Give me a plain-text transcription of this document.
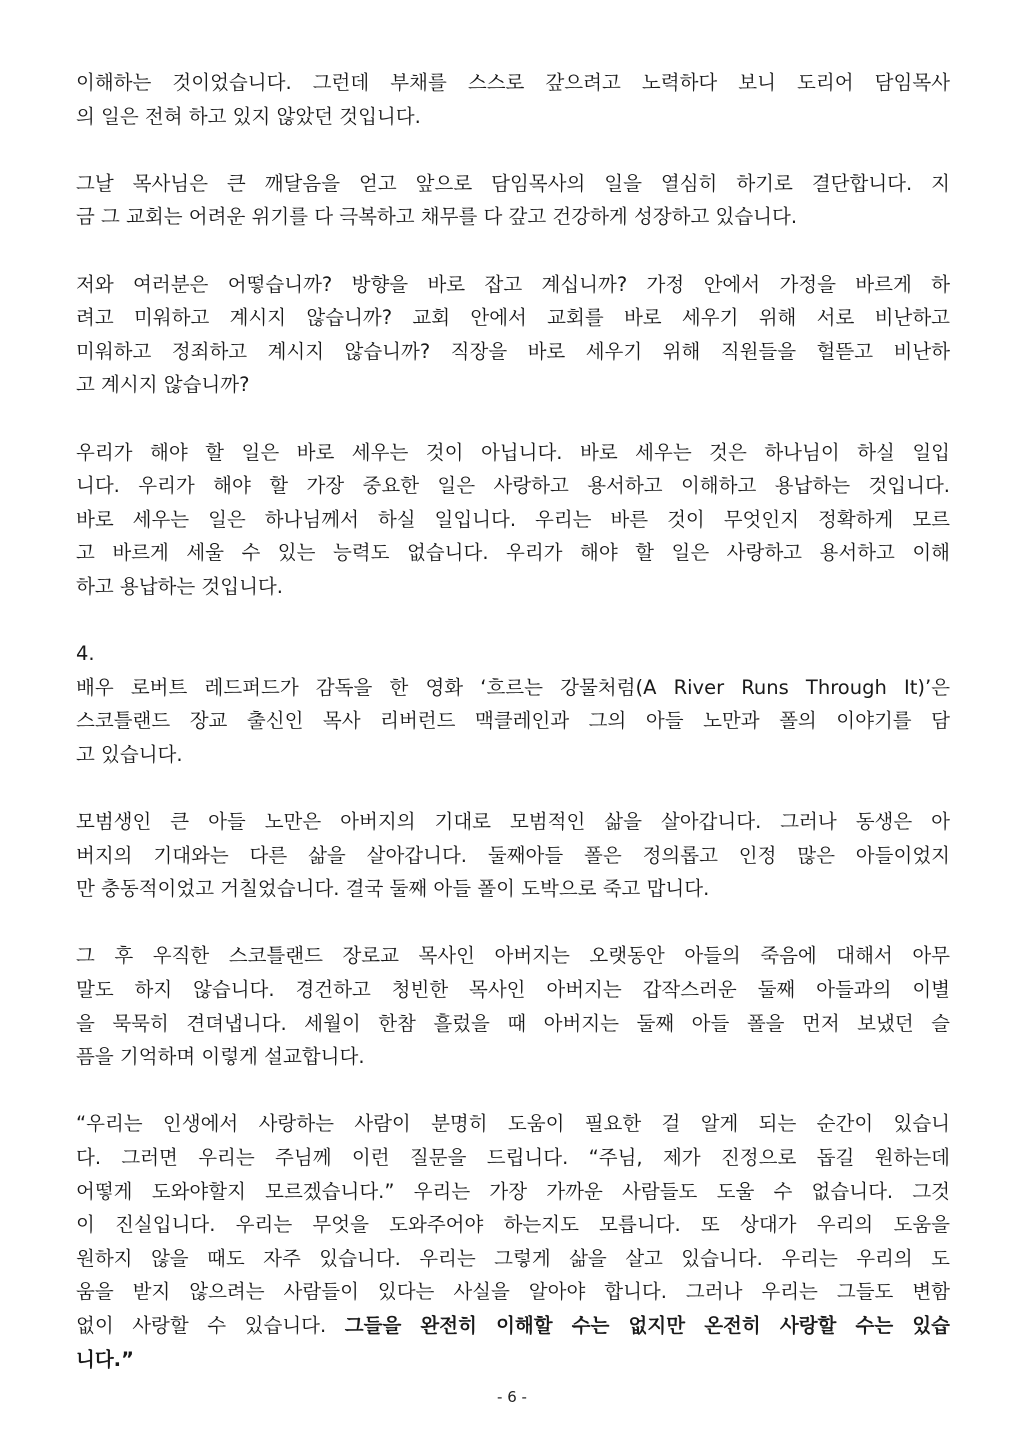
이해하는 것이었습니다. 그런데 부채를 스스로 갚으려고 노력하다 보니 도리어 담임목사
의 일은 전혀 하고 있지 않았던 것입니다.
그날 목사님은 큰 깨달음을 얻고 앞으로 담임목사의 일을 열심히 하기로 결단합니다. 지
금 그 교회는 어려운 위기를 다 극복하고 채무를 다 갚고 건강하게 성장하고 있습니다.
저와 여러분은 어떻습니까? 방향을 바로 잡고 계십니까? 가정 안에서 가정을 바르게 하
려고 미워하고 계시지 않습니까? 교회 안에서 교회를 바로 세우기 위해 서로 비난하고
미워하고 정죄하고 계시지 않습니까? 직장을 바로 세우기 위해 직원들을 헐뜯고 비난하
고 계시지 않습니까?
우리가 해야 할 일은 바로 세우는 것이 아닙니다. 바로 세우는 것은 하나님이 하실 일입
니다. 우리가 해야 할 가장 중요한 일은 사랑하고 용서하고 이해하고 용납하는 것입니다.
바로 세우는 일은 하나님께서 하실 일입니다. 우리는 바른 것이 무엇인지 정확하게 모르
고 바르게 세울 수 있는 능력도 없습니다. 우리가 해야 할 일은 사랑하고 용서하고 이해
하고 용납하는 것입니다.
4.
배우 로버트 레드퍼드가 감독을 한 영화 ‘흐르는 강물처럼(A River Runs Through It)’은
스코틀랜드 장교 출신인 목사 리버런드 맥클레인과 그의 아들 노만과 폴의 이야기를 담
고 있습니다.
모범생인 큰 아들 노만은 아버지의 기대로 모범적인 삶을 살아갑니다. 그러나 동생은 아
버지의 기대와는 다른 삶을 살아갑니다. 둘째아들 폴은 정의롭고 인정 많은 아들이었지
만 충동적이었고 거칠었습니다. 결국 둘째 아들 폴이 도박으로 죽고 맙니다.
그 후 우직한 스코틀랜드 장로교 목사인 아버지는 오랫동안 아들의 죽음에 대해서 아무
말도 하지 않습니다. 경건하고 청빈한 목사인 아버지는 갑작스러운 둘째 아들과의 이별
을 묵묵히 견뎌냅니다. 세월이 한참 흘렀을 때 아버지는 둘째 아들 폴을 먼저 보냈던 슬
픔을 기억하며 이렇게 설교합니다.
“우리는 인생에서 사랑하는 사람이 분명히 도움이 필요한 걸 알게 되는 순간이 있습니
다. 그러면 우리는 주님께 이런 질문을 드립니다. “주님, 제가 진정으로 돕길 원하는데
어떻게 도와야할지 모르겠습니다.” 우리는 가장 가까운 사람들도 도울 수 없습니다. 그것
이 진실입니다. 우리는 무엇을 도와주어야 하는지도 모릅니다. 또 상대가 우리의 도움을
원하지 않을 때도 자주 있습니다. 우리는 그렇게 삶을 살고 있습니다. 우리는 우리의 도
움을 받지 않으려는 사람들이 있다는 사실을 알아야 합니다. 그러나 우리는 그들도 변함
없이 사랑할 수 있습니다. 그들을 완전히 이해할 수는 없지만 온전히 사랑할 수는 있습
니다.”
- 6 -
